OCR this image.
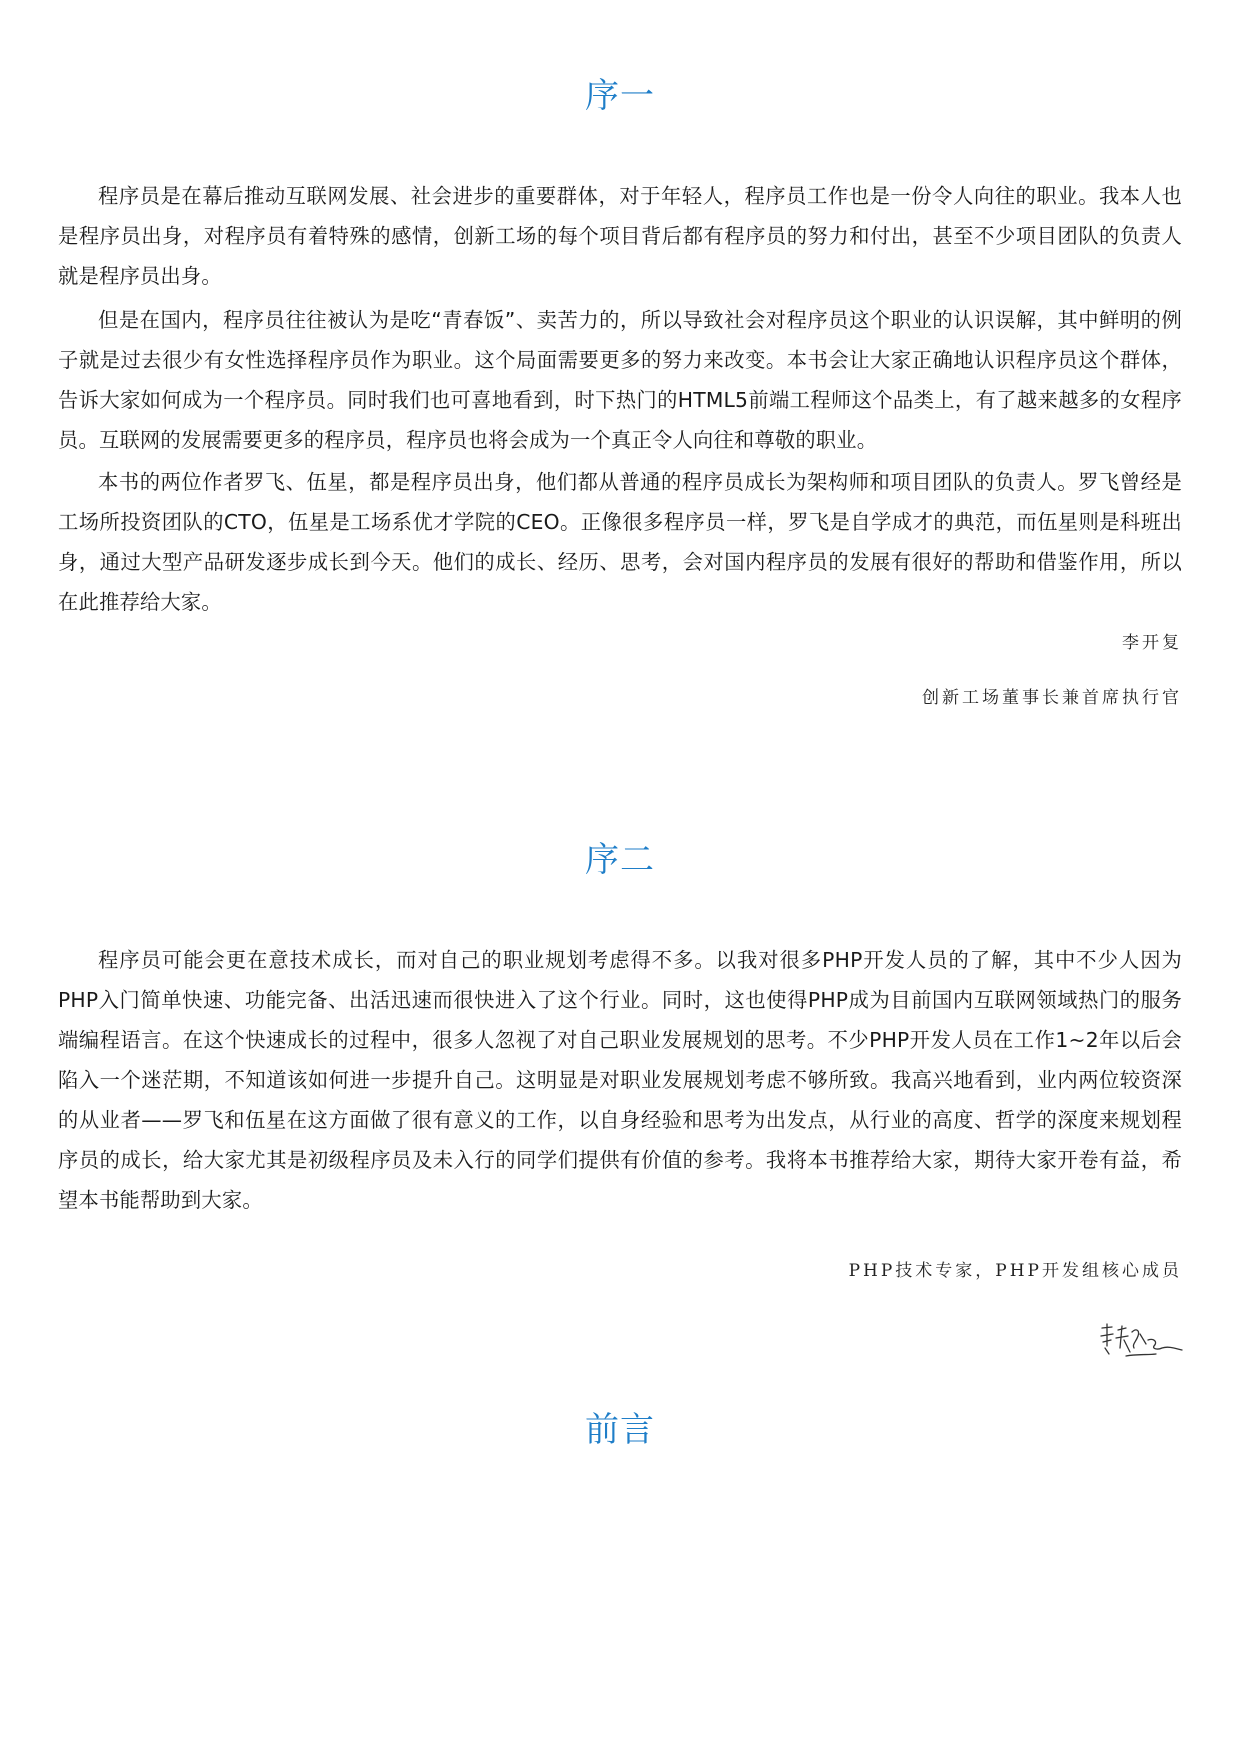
序一

程序员是在幕后推动互联网发展、社会进步的重要群体，对于年轻人，程序员工作也是一份令人向往的职业。我本人也是程序员出身，对程序员有着特殊的感情，创新工场的每个项目背后都有程序员的努力和付出，甚至不少项目团队的负责人就是程序员出身。

但是在国内，程序员往往被认为是吃“青春饭”、卖苦力的，所以导致社会对程序员这个职业的认识误解，其中鲜明的例子就是过去很少有女性选择程序员作为职业。这个局面需要更多的努力来改变。本书会让大家正确地认识程序员这个群体，告诉大家如何成为一个程序员。同时我们也可喜地看到，时下热门的HTML5前端工程师这个品类上，有了越来越多的女程序员。互联网的发展需要更多的程序员，程序员也将会成为一个真正令人向往和尊敬的职业。

本书的两位作者罗飞、伍星，都是程序员出身，他们都从普通的程序员成长为架构师和项目团队的负责人。罗飞曾经是工场所投资团队的CTO，伍星是工场系优才学院的CEO。正像很多程序员一样，罗飞是自学成才的典范，而伍星则是科班出身，通过大型产品研发逐步成长到今天。他们的成长、经历、思考，会对国内程序员的发展有很好的帮助和借鉴作用，所以在此推荐给大家。

李开复

创新工场董事长兼首席执行官

序二

程序员可能会更在意技术成长，而对自己的职业规划考虑得不多。以我对很多PHP开发人员的了解，其中不少人因为PHP入门简单快速、功能完备、出活迅速而很快进入了这个行业。同时，这也使得PHP成为目前国内互联网领域热门的服务端编程语言。在这个快速成长的过程中，很多人忽视了对自己职业发展规划的思考。不少PHP开发人员在工作1~2年以后会陷入一个迷茫期，不知道该如何进一步提升自己。这明显是对职业发展规划考虑不够所致。我高兴地看到，业内两位较资深的从业者——罗飞和伍星在这方面做了很有意义的工作，以自身经验和思考为出发点，从行业的高度、哲学的深度来规划程序员的成长，给大家尤其是初级程序员及未入行的同学们提供有价值的参考。我将本书推荐给大家，期待大家开卷有益，希望本书能帮助到大家。

PHP技术专家，PHP开发组核心成员

前言
